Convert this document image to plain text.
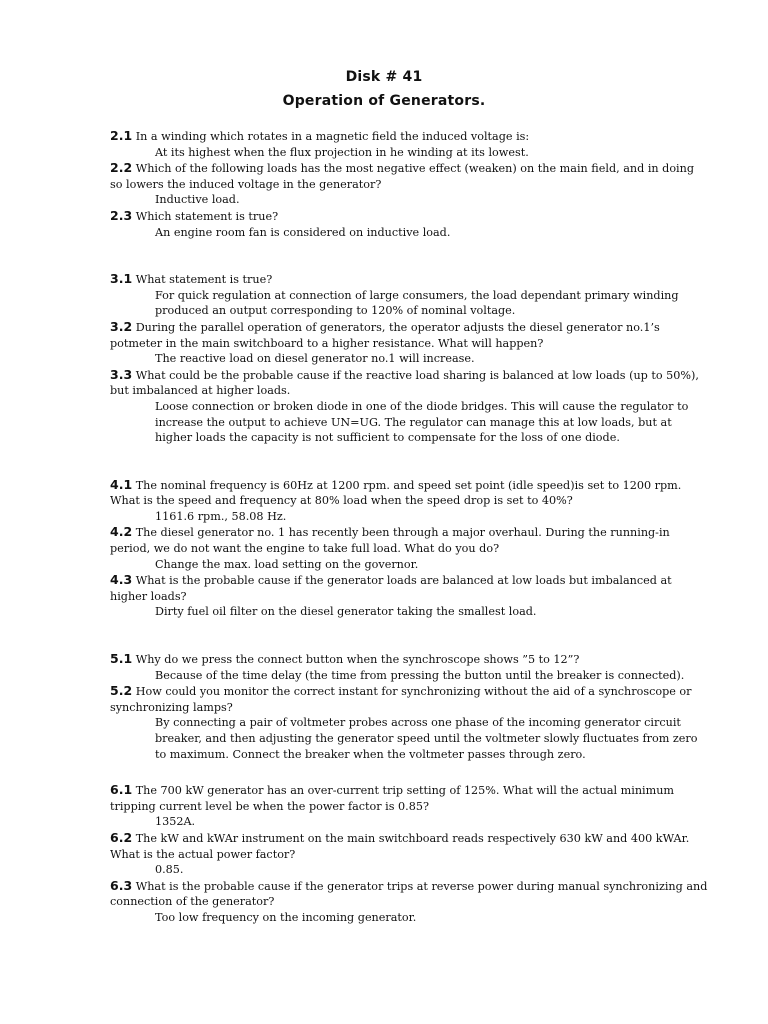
Disk # 41
Operation of Generators.

2.1 In a winding which rotates in a magnetic field the induced voltage is:

At its highest when the flux projection in he winding at its lowest.

2.2 Which of the following loads has the most negative effect (weaken) on the main field, and in doing so lowers the induced voltage in the generator?

Inductive load.

2.3 Which statement is true?

An engine room fan is considered on inductive load.

3.1 What statement is true?

For quick regulation at connection of large consumers, the load dependant primary winding produced an output corresponding to 120% of nominal voltage.

3.2 During the parallel operation of generators, the operator adjusts the diesel generator no.1’s potmeter in the main switchboard to a higher resistance. What will happen?

The reactive load on diesel generator no.1 will increase.

3.3 What could be the probable cause if the reactive load sharing is balanced at low loads (up to 50%), but imbalanced at higher loads.

Loose connection or broken diode in one of the diode bridges. This will cause the regulator to increase the output to achieve UN=UG. The regulator can manage this at low loads, but at higher loads the capacity is not sufficient to compensate for the loss of one diode.

4.1 The nominal frequency is 60Hz at 1200 rpm. and speed set point (idle speed)is set to 1200 rpm. What is the speed and frequency at 80% load when the speed drop is set to 40%?

1161.6 rpm., 58.08 Hz.

4.2 The diesel generator no. 1 has recently been through a major overhaul. During the running-in period, we do not want the engine to take full load. What do you do?

Change the max. load setting on the governor.

4.3 What is the probable cause if the generator loads are balanced at low loads but imbalanced at higher loads?

Dirty fuel oil filter on the diesel generator taking the smallest load.

5.1 Why do we press the connect button when the synchroscope shows ”5 to 12”?

Because of the time delay (the time from pressing the button until the breaker is connected).

5.2 How could you monitor the correct instant for synchronizing without the aid of a synchroscope or synchronizing lamps?

By connecting a pair of voltmeter probes across one phase of the incoming generator circuit breaker, and then adjusting the generator speed until the voltmeter slowly fluctuates from zero to maximum. Connect the breaker when the voltmeter passes through zero.

6.1 The 700 kW generator has an over-current trip setting of 125%. What will the actual minimum tripping current level be when the power factor is 0.85?

1352A.

6.2 The kW and kWAr instrument on the main switchboard reads respectively 630 kW and 400 kWAr. What is the actual power factor?

0.85.

6.3 What is the probable cause if the generator trips at reverse power during manual synchronizing and connection of the generator?

Too low frequency on the incoming generator.
